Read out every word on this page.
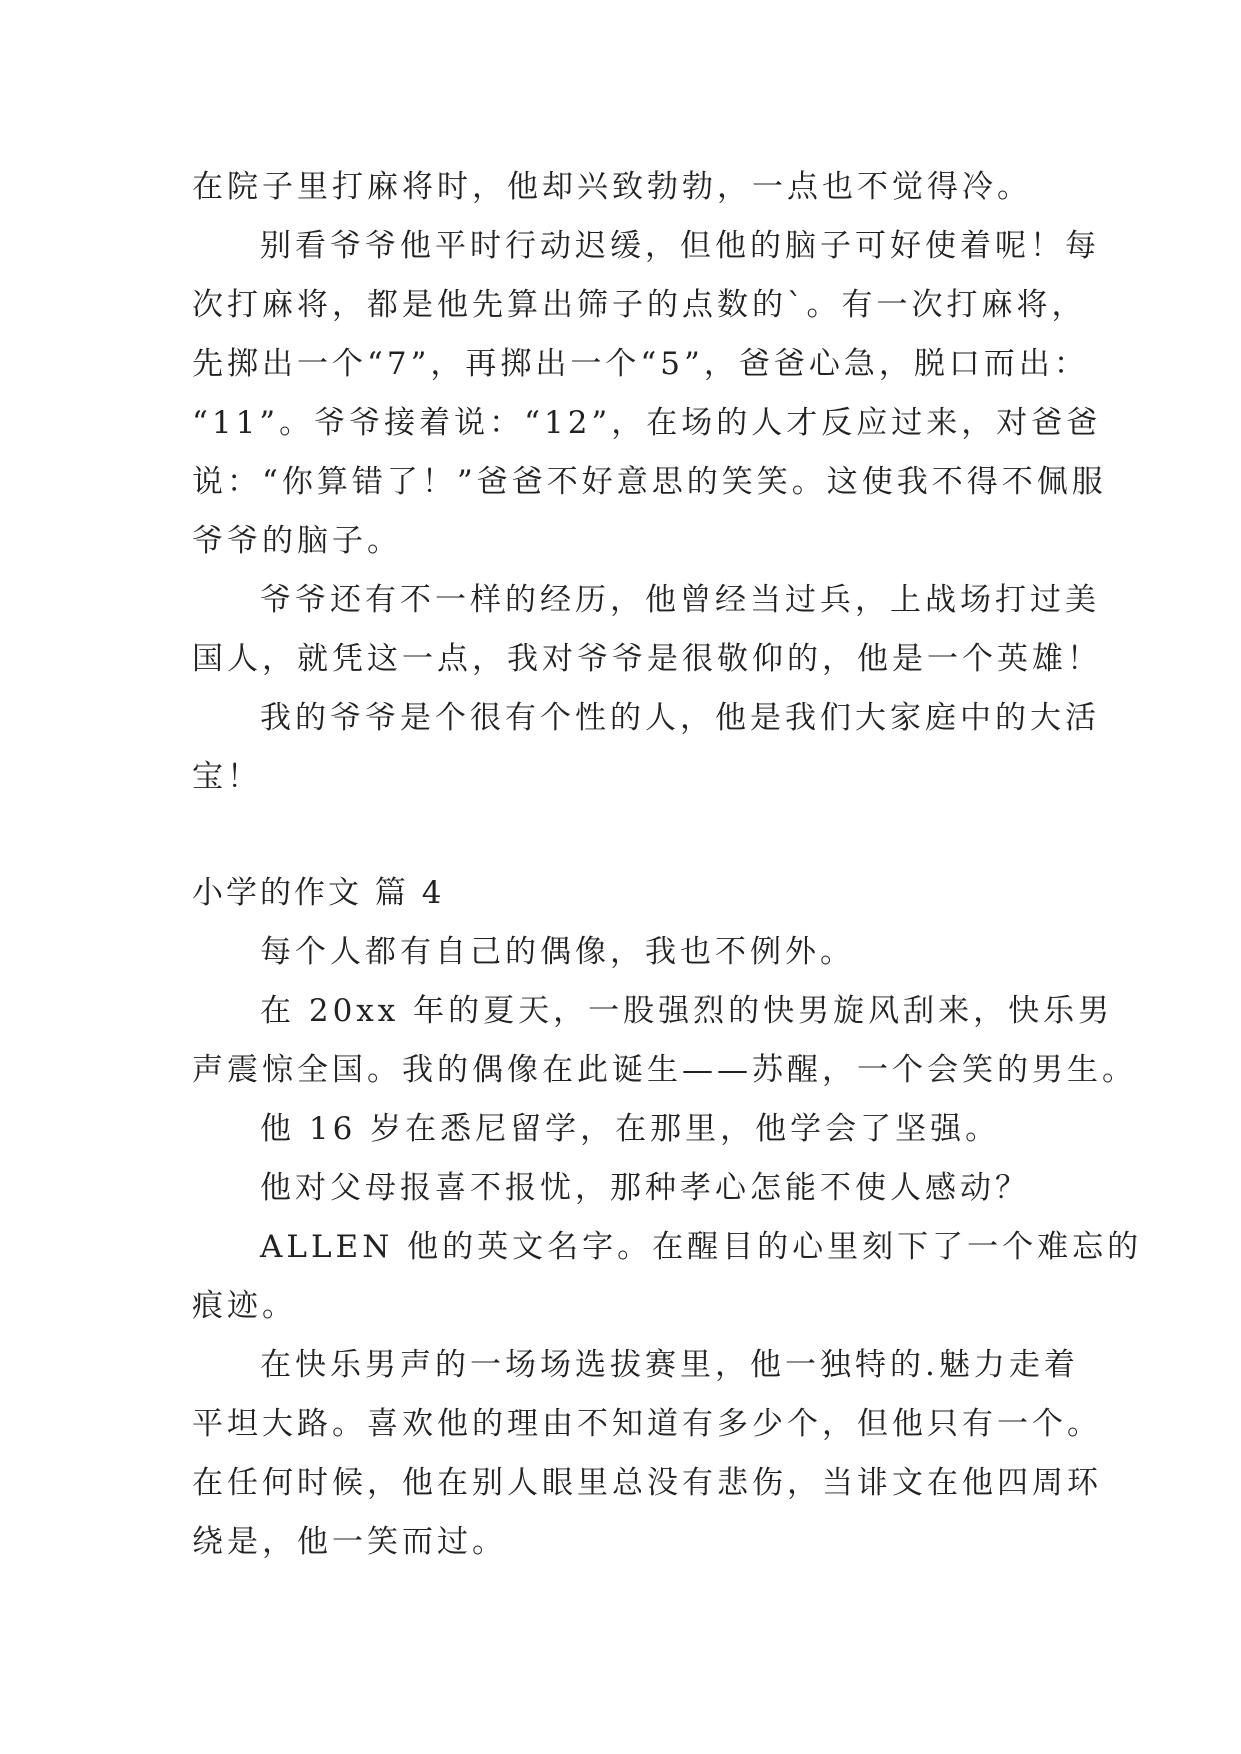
在院子里打麻将时，他却兴致勃勃，一点也不觉得冷。
别看爷爷他平时行动迟缓，但他的脑子可好使着呢！每
次打麻将，都是他先算出筛子的点数的`。有一次打麻将，
先掷出一个“7”，再掷出一个“5”，爸爸心急，脱口而出：
“11”。爷爷接着说：“12”，在场的人才反应过来，对爸爸
说：“你算错了！”爸爸不好意思的笑笑。这使我不得不佩服
爷爷的脑子。
爷爷还有不一样的经历，他曾经当过兵，上战场打过美
国人，就凭这一点，我对爷爷是很敬仰的，他是一个英雄！
我的爷爷是个很有个性的人，他是我们大家庭中的大活
宝！
小学的作文 篇 4
每个人都有自己的偶像，我也不例外。
在 20xx 年的夏天，一股强烈的快男旋风刮来，快乐男
声震惊全国。我的偶像在此诞生——苏醒，一个会笑的男生。
他 16 岁在悉尼留学，在那里，他学会了坚强。
他对父母报喜不报忧，那种孝心怎能不使人感动？
ALLEN 他的英文名字。在醒目的心里刻下了一个难忘的
痕迹。
在快乐男声的一场场选拔赛里，他一独特的.魅力走着
平坦大路。喜欢他的理由不知道有多少个，但他只有一个。
在任何时候，他在别人眼里总没有悲伤，当诽文在他四周环
绕是，他一笑而过。
